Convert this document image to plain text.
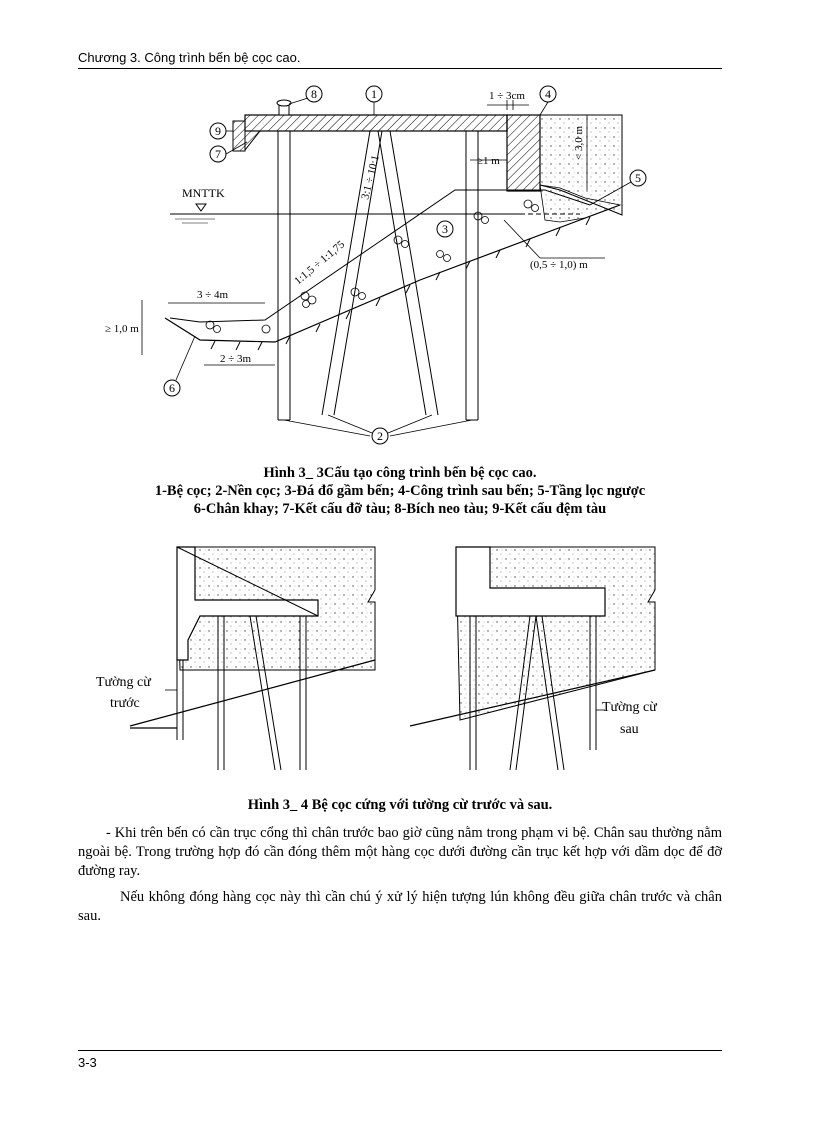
Chương 3. Công trình bến bệ cọc cao.
MNTTK
1 ÷ 3cm
< 3,0 m
≥1 m
3:1 ÷ 10:1
1:1,5 ÷ 1:1,75
3 ÷ 4m
≥ 1,0 m
2 ÷ 3m
(0,5 ÷ 1,0) m
1
2
3
4
5
6
7
8
9
Hình 3_ 3Cấu tạo công trình bến bệ cọc cao.
1-Bệ cọc; 2-Nền cọc; 3-Đá đổ gầm bến; 4-Công trình sau bến; 5-Tầng lọc ngược
6-Chân khay; 7-Kết cấu đỡ tàu; 8-Bích neo tàu; 9-Kết cấu đệm tàu
Tường cừ
trước	Tường cừ
sau
Hình 3_ 4 Bệ cọc cứng với tường cừ trước và sau.
- Khi trên bến có cần trục cổng thì chân trước bao giờ cũng nằm trong phạm vi bệ. Chân sau thường nằm ngoài bệ. Trong trường hợp đó cần đóng thêm một hàng cọc dưới đường cần trục kết hợp với dầm dọc để đỡ đường ray.
Nếu không đóng hàng cọc này thì cần chú ý xử lý hiện tượng lún không đều giữa chân trước và chân sau.
3-3
